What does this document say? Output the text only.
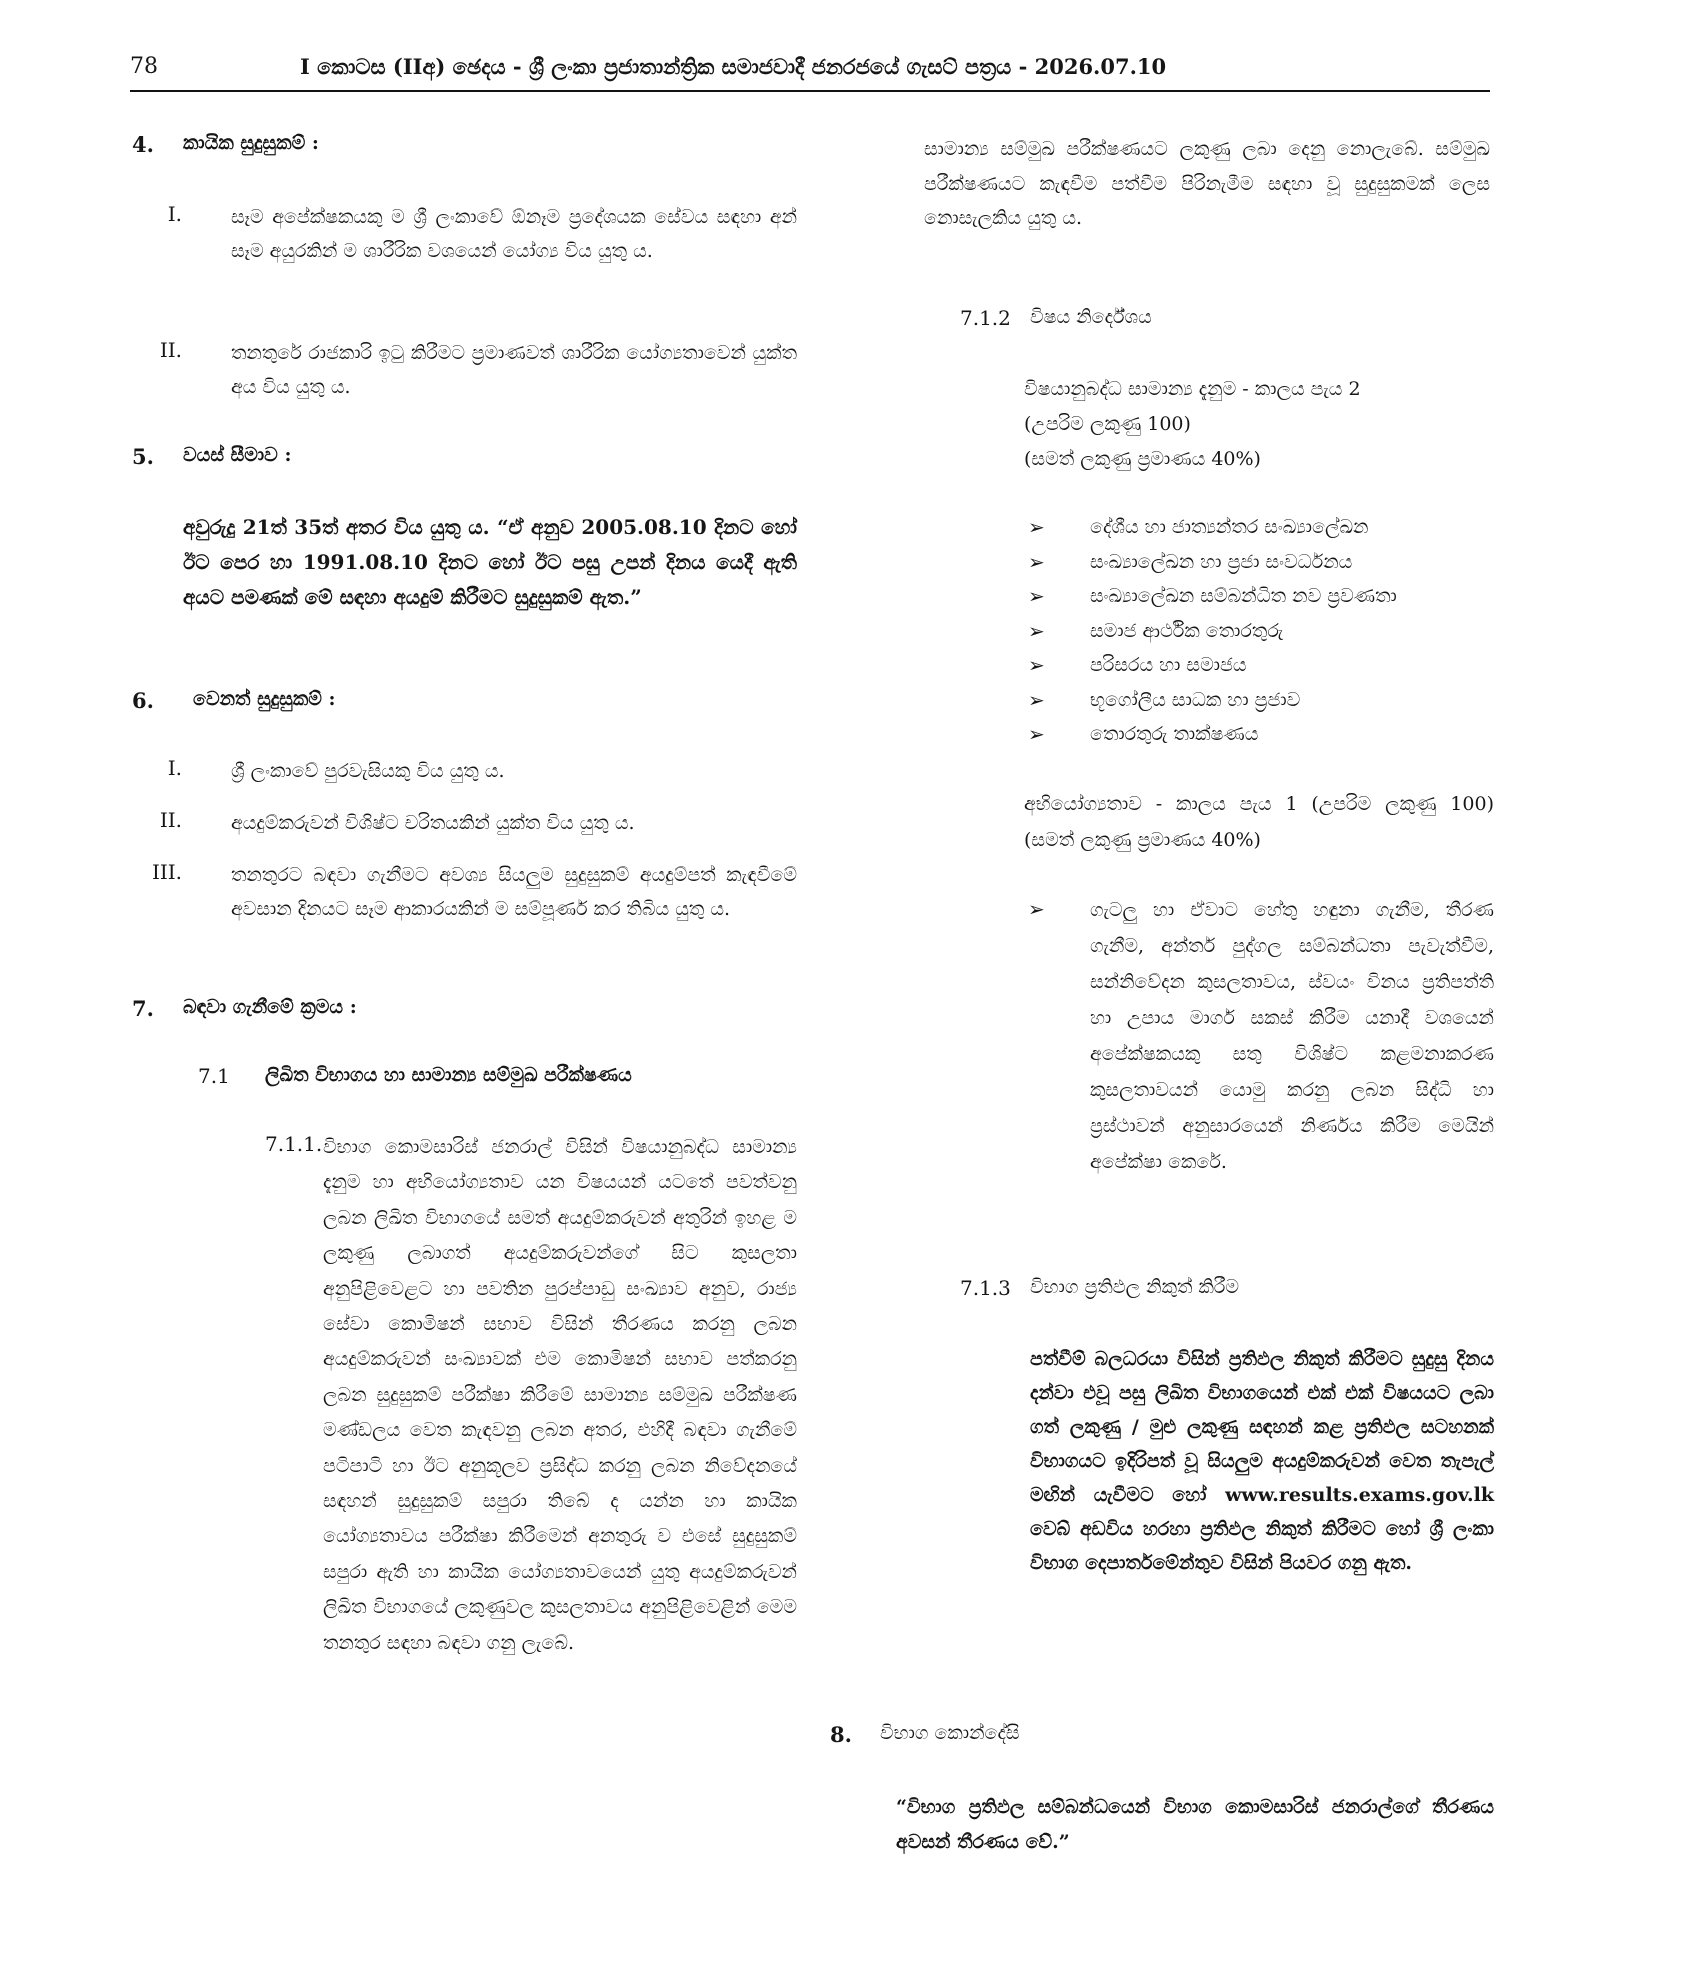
78	I කොටස (IIඅ) ඡෙදය - ශ්‍රී ලංකා ප්‍රජාතාන්ත්‍රික සමාජවාදී ජනරජයේ ගැසට් පත්‍රය - 2026.07.10
4. කායික සුදුසුකම් :
I.	සෑම අපේක්ෂකයකු ම ශ්‍රී ලංකාවේ ඕනෑම ප්‍රදේශයක සේවය සඳහා අන් සෑම අයුරකින් ම ශාරීරික වශයෙන් යෝග්‍ය විය යුතු ය.
II.	තනතුරේ රාජකාරි ඉටු කිරීමට ප්‍රමාණවත් ශාරීරික යෝග්‍යතාවෙන් යුක්ත අය විය යුතු ය.
5. වයස් සීමාව :
අවුරුදු 21ත් 35ත් අතර විය යුතු ය. “ඒ අනුව 2005.08.10 දිනට හෝ ඊට පෙර හා 1991.08.10 දිනට හෝ ඊට පසු උපන් දිනය යෙදී ඇති අයට පමණක් මේ සඳහා අයදුම් කිරීමට සුදුසුකම් ඇත.”
6. වෙනත් සුදුසුකම් :
I.	ශ්‍රී ලංකාවේ පුරවැසියකු විය යුතු ය.
II.	අයදුම්කරුවන් විශිෂ්ට චරිතයකින් යුක්ත විය යුතු ය.
III.	තනතුරට බඳවා ගැනීමට අවශ්‍ය සියලුම සුදුසුකම් අයදුම්පත් කැඳවීමේ අවසාන දිනයට සෑම ආකාරයකින් ම සම්පූර්ණ කර තිබිය යුතු ය.
7. බඳවා ගැනීමේ ක්‍රමය :
7.1 ලිඛිත විභාගය හා සාමාන්‍ය සම්මුඛ පරීක්ෂණය
7.1.1. විභාග කොමසාරිස් ජනරාල් විසින් විෂයානුබද්ධ සාමාන්‍ය දැනුම හා අභියෝග්‍යතාව යන විෂයයන් යටතේ පවත්වනු ලබන ලිඛිත විභාගයේ සමත් අයදුම්කරුවන් අතුරින් ඉහළ ම ලකුණු ලබාගත් අයදුම්කරුවන්ගේ සිට කුසලතා අනුපිළිවෙළට හා පවතින පුරප්පාඩු සංඛ්‍යාව අනුව, රාජ්‍ය සේවා කොමිෂන් සභාව විසින් තීරණය කරනු ලබන අයදුම්කරුවන් සංඛ්‍යාවක් එම කොමිෂන් සභාව පත්කරනු ලබන සුදුසුකම් පරීක්ෂා කිරීමේ සාමාන්‍ය සම්මුඛ පරීක්ෂණ මණ්ඩලය වෙත කැඳවනු ලබන අතර, එහිදී බඳවා ගැනීමේ පටිපාටි හා ඊට අනුකූලව ප්‍රසිද්ධ කරනු ලබන නිවේදනයේ සඳහන් සුදුසුකම් සපුරා තිබේ ද යන්න හා කායික යෝග්‍යතාවය පරීක්ෂා කිරීමෙන් අනතුරු ව එසේ සුදුසුකම් සපුරා ඇති හා කායික යෝග්‍යතාවයෙන් යුතු අයදුම්කරුවන් ලිඛිත විභාගයේ ලකුණුවල කුසලතාවය අනුපිළිවෙළින් මෙම තනතුර සඳහා බඳවා ගනු ලැබේ.
සාමාන්‍ය සම්මුඛ පරීක්ෂණයට ලකුණු ලබා දෙනු නොලැබේ. සම්මුඛ පරීක්ෂණයට කැඳවීම පත්වීම පිරිනැමීම සඳහා වූ සුදුසුකමක් ලෙස නොසැලකිය යුතු ය.
7.1.2 විෂය නිර්දේශය
විෂයානුබද්ධ සාමාන්‍ය දැනුම - කාලය පැය 2
(උපරිම ලකුණු 100)
(සමත් ලකුණු ප්‍රමාණය 40%)
➢ දේශීය හා ජාත්‍යන්තර සංඛ්‍යාලේඛන
➢ සංඛ්‍යාලේඛන හා ප්‍රජා සංවර්ධනය
➢ සංඛ්‍යාලේඛන සම්බන්ධිත නව ප්‍රවණතා
➢ සමාජ ආර්ථික තොරතුරු
➢ පරිසරය හා සමාජය
➢ භූගෝලීය සාධක හා ප්‍රජාව
➢ තොරතුරු තාක්ෂණය
අභියෝග්‍යතාව - කාලය පැය 1 (උපරිම ලකුණු 100) (සමත් ලකුණු ප්‍රමාණය 40%)
➢ ගැටලු හා ඒවාට හේතු හඳුනා ගැනීම, තීරණ ගැනීම, අන්තර් පුද්ගල සම්බන්ධතා පැවැත්වීම, සන්නිවේදන කුසලතාවය, ස්වයං විනය ප්‍රතිපත්ති හා උපාය මාර්ග සකස් කිරීම යනාදී වශයෙන් අපේක්ෂකයකු සතු විශිෂ්ට කළමනාකරණ කුසලතාවයන් යොමු කරනු ලබන සිද්ධි හා ප්‍රස්ථාවන් අනුසාරයෙන් නිර්ණය කිරීම මෙයින් අපේක්ෂා කෙරේ.
7.1.3 විභාග ප්‍රතිඵල නිකුත් කිරීම
පත්වීම් බලධරයා විසින් ප්‍රතිඵල නිකුත් කිරීමට සුදුසු දිනය දන්වා එවූ පසු ලිඛිත විභාගයෙන් එක් එක් විෂයයට ලබා ගත් ලකුණු / මුළු ලකුණු සඳහන් කළ ප්‍රතිඵල සටහනක් විභාගයට ඉදිරිපත් වූ සියලුම අයදුම්කරුවන් වෙත තැපැල් මඟින් යැවීමට හෝ www.results.exams.gov.lk වෙබ් අඩවිය හරහා ප්‍රතිඵල නිකුත් කිරීමට හෝ ශ්‍රී ලංකා විභාග දෙපාර්තමේන්තුව විසින් පියවර ගනු ඇත.
8. විභාග කොන්දේසි
“විභාග ප්‍රතිඵල සම්බන්ධයෙන් විභාග කොමසාරිස් ජනරාල්ගේ තීරණය අවසන් තීරණය වේ.”
